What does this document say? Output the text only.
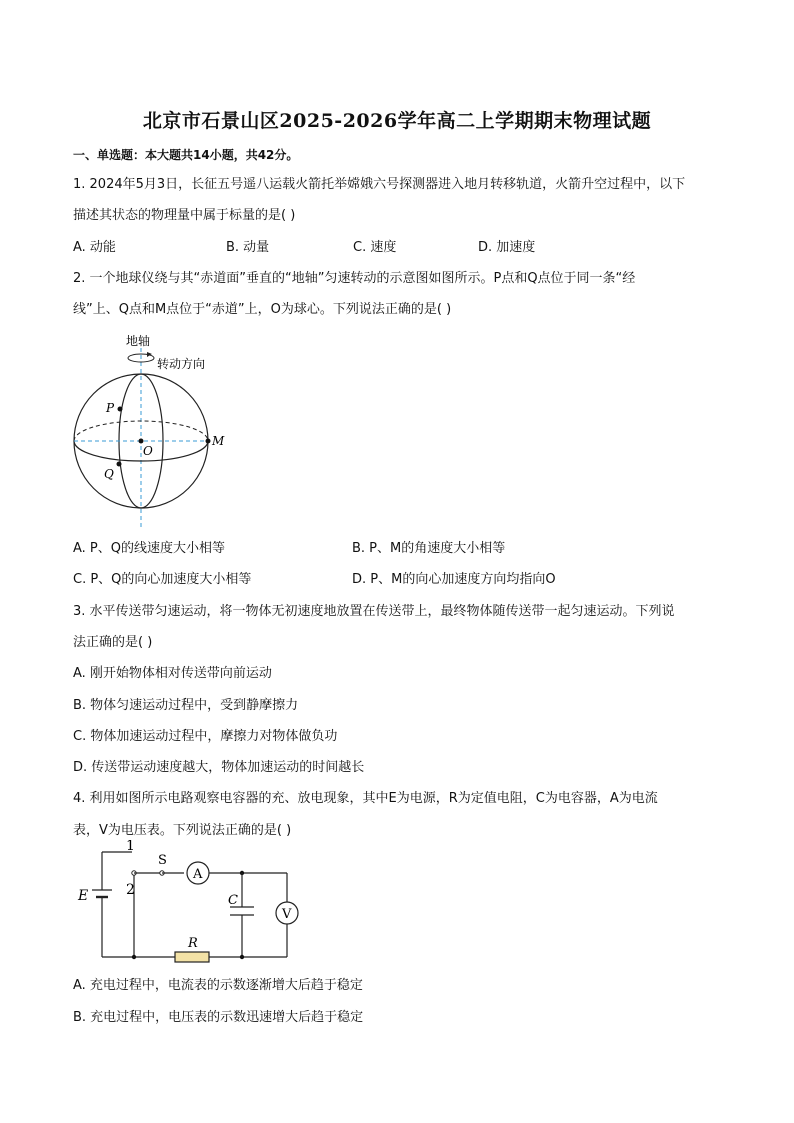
北京市石景山区2025-2026学年高二上学期期末物理试题
一、单选题：本大题共14小题，共42分。
1. 2024年5月3日，长征五号遥八运载火箭托举嫦娥六号探测器进入地月转移轨道，火箭升空过程中，以下
描述其状态的物理量中属于标量的是( )
A. 动能	B. 动量	C. 速度	D. 加速度
2. 一个地球仪绕与其“赤道面”垂直的“地轴”匀速转动的示意图如图所示。P点和Q点位于同一条“经
线”上、Q点和M点位于“赤道”上，O为球心。下列说法正确的是( )
地轴
转动方向
P
Q
M
O
A. P、Q的线速度大小相等	B. P、M的角速度大小相等
C. P、Q的向心加速度大小相等	D. P、M的向心加速度方向均指向O
3. 水平传送带匀速运动，将一物体无初速度地放置在传送带上，最终物体随传送带一起匀速运动。下列说
法正确的是( )
A. 刚开始物体相对传送带向前运动
B. 物体匀速运动过程中，受到静摩擦力
C. 物体加速运动过程中，摩擦力对物体做负功
D. 传送带运动速度越大，物体加速运动的时间越长
4. 利用如图所示电路观察电容器的充、放电现象，其中E为电源，R为定值电阻，C为电容器，A为电流
表，V为电压表。下列说法正确的是( )
1
2
S
A
V
E	C
R
A. 充电过程中，电流表的示数逐渐增大后趋于稳定
B. 充电过程中，电压表的示数迅速增大后趋于稳定
